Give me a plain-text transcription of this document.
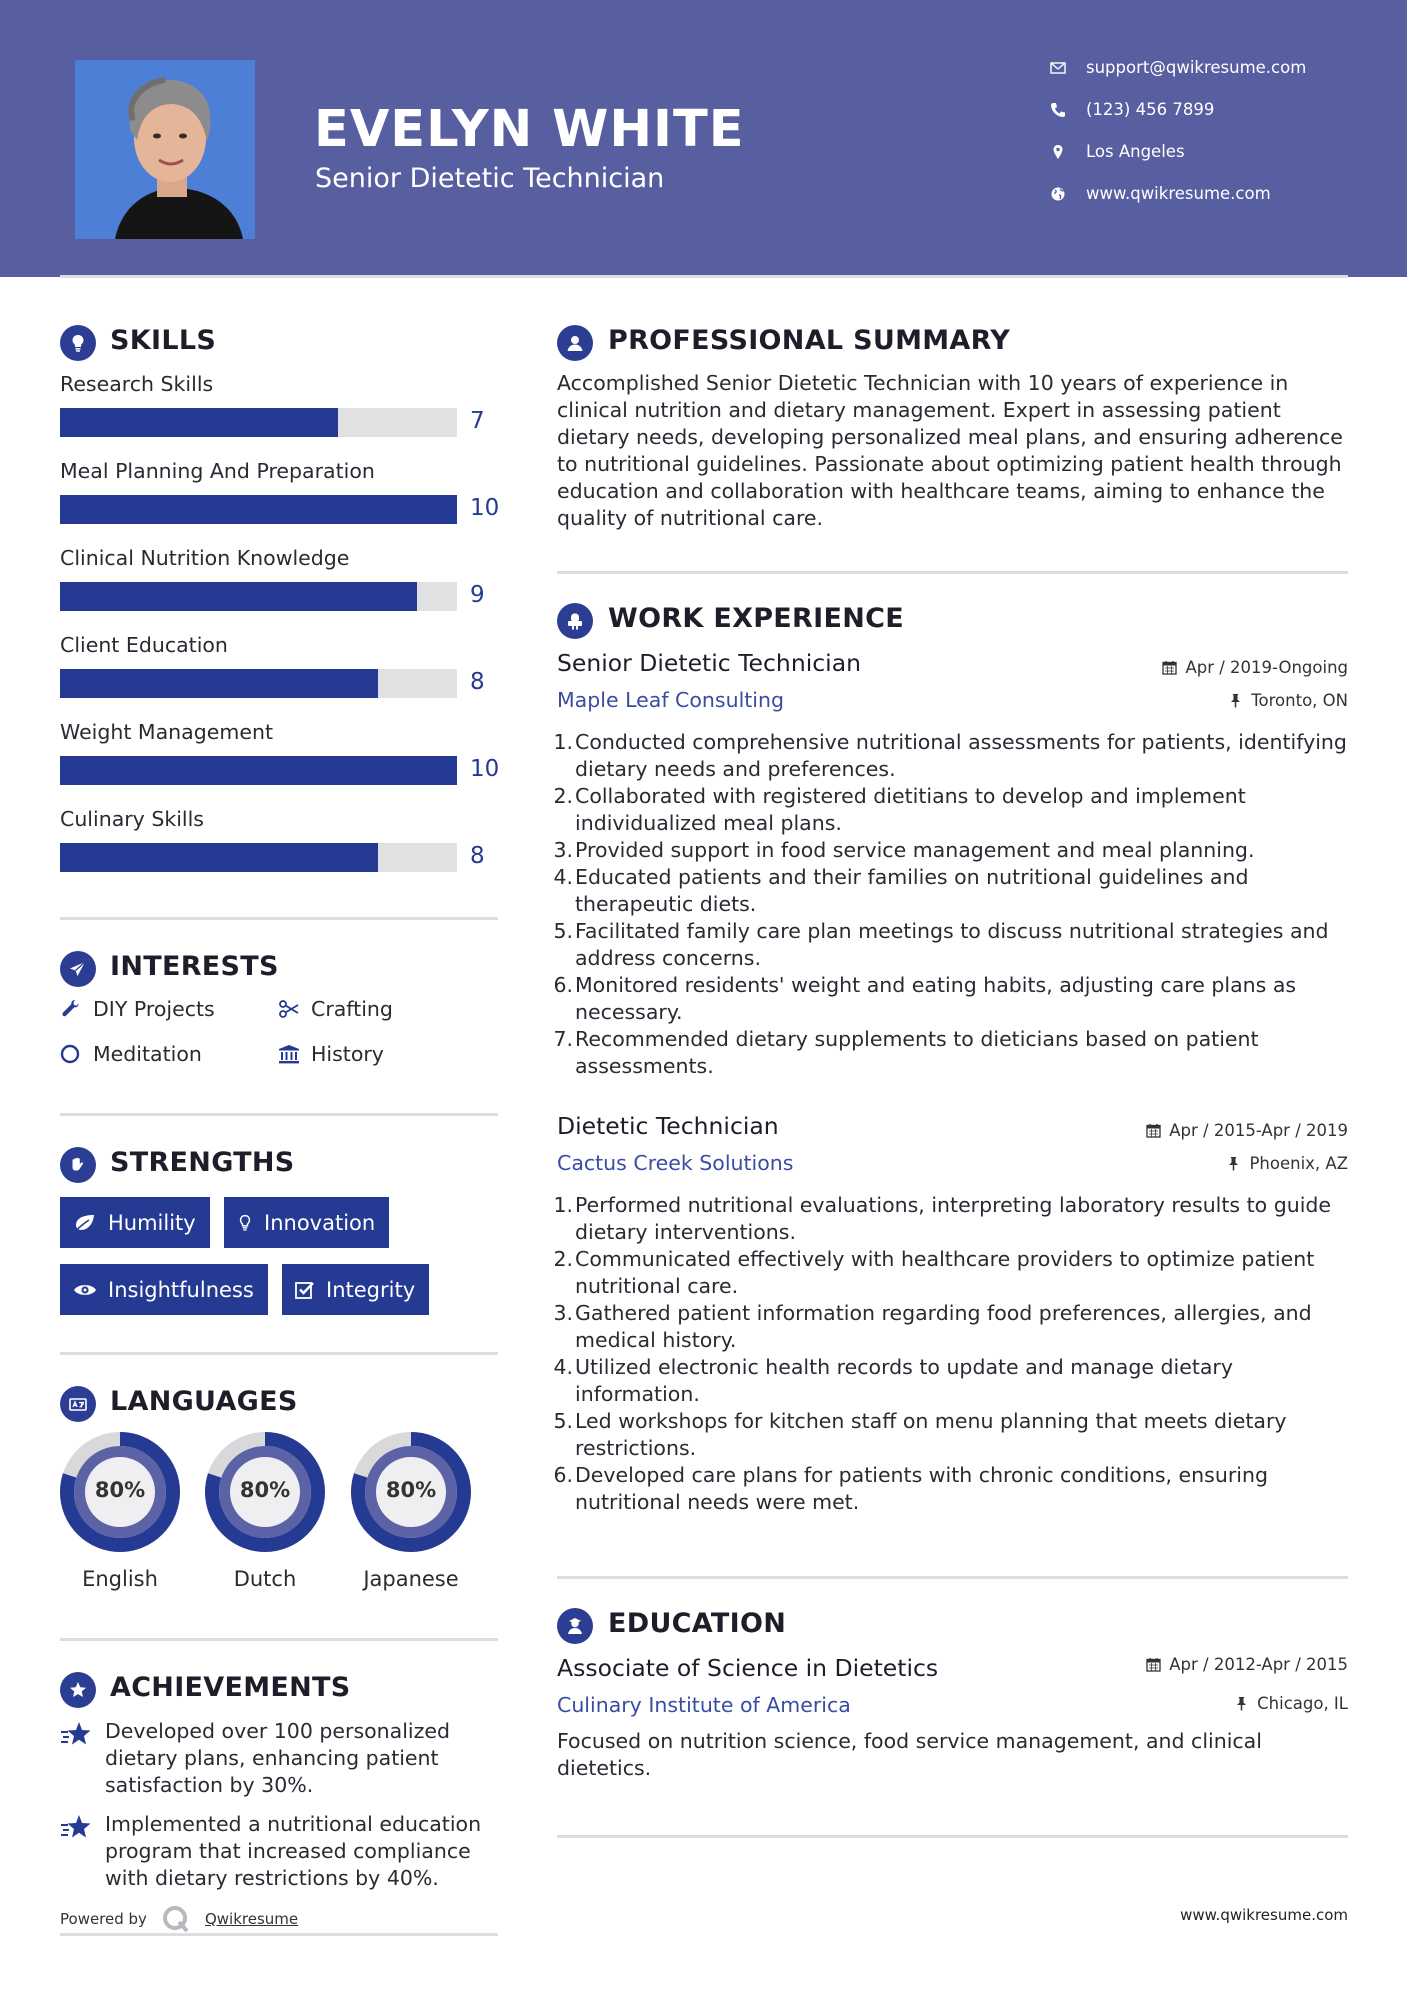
EVELYN WHITE
Senior Dietetic Technician
support@qwikresume.com
(123) 456 7899
Los Angeles
www.qwikresume.com
SKILLS
Research Skills
7
Meal Planning And Preparation
10
Clinical Nutrition Knowledge
9
Client Education
8
Weight Management
10
Culinary Skills
8
INTERESTS
DIY Projects	Crafting
Meditation	History
STRENGTHS
Humility	Innovation
Insightfulness	Integrity
LANGUAGES
80%
English
80%
Dutch
80%
Japanese
ACHIEVEMENTS
Developed over 100 personalized dietary plans, enhancing patient satisfaction by 30%.
Implemented a nutritional education program that increased compliance with dietary restrictions by 40%.
Powered by	Qwikresume
PROFESSIONAL SUMMARY
Accomplished Senior Dietetic Technician with 10 years of experience in clinical nutrition and dietary management. Expert in assessing patient dietary needs, developing personalized meal plans, and ensuring adherence to nutritional guidelines. Passionate about optimizing patient health through education and collaboration with healthcare teams, aiming to enhance the quality of nutritional care.
WORK EXPERIENCE
Senior Dietetic Technician	Apr / 2019-Ongoing
Maple Leaf Consulting	Toronto, ON
1. Conducted comprehensive nutritional assessments for patients, identifying dietary needs and preferences.
2. Collaborated with registered dietitians to develop and implement individualized meal plans.
3. Provided support in food service management and meal planning.
4. Educated patients and their families on nutritional guidelines and therapeutic diets.
5. Facilitated family care plan meetings to discuss nutritional strategies and address concerns.
6. Monitored residents' weight and eating habits, adjusting care plans as necessary.
7. Recommended dietary supplements to dieticians based on patient assessments.
Dietetic Technician	Apr / 2015-Apr / 2019
Cactus Creek Solutions	Phoenix, AZ
1. Performed nutritional evaluations, interpreting laboratory results to guide dietary interventions.
2. Communicated effectively with healthcare providers to optimize patient nutritional care.
3. Gathered patient information regarding food preferences, allergies, and medical history.
4. Utilized electronic health records to update and manage dietary information.
5. Led workshops for kitchen staff on menu planning that meets dietary restrictions.
6. Developed care plans for patients with chronic conditions, ensuring nutritional needs were met.
EDUCATION
Associate of Science in Dietetics	Apr / 2012-Apr / 2015
Culinary Institute of America	Chicago, IL
Focused on nutrition science, food service management, and clinical dietetics.
www.qwikresume.com
